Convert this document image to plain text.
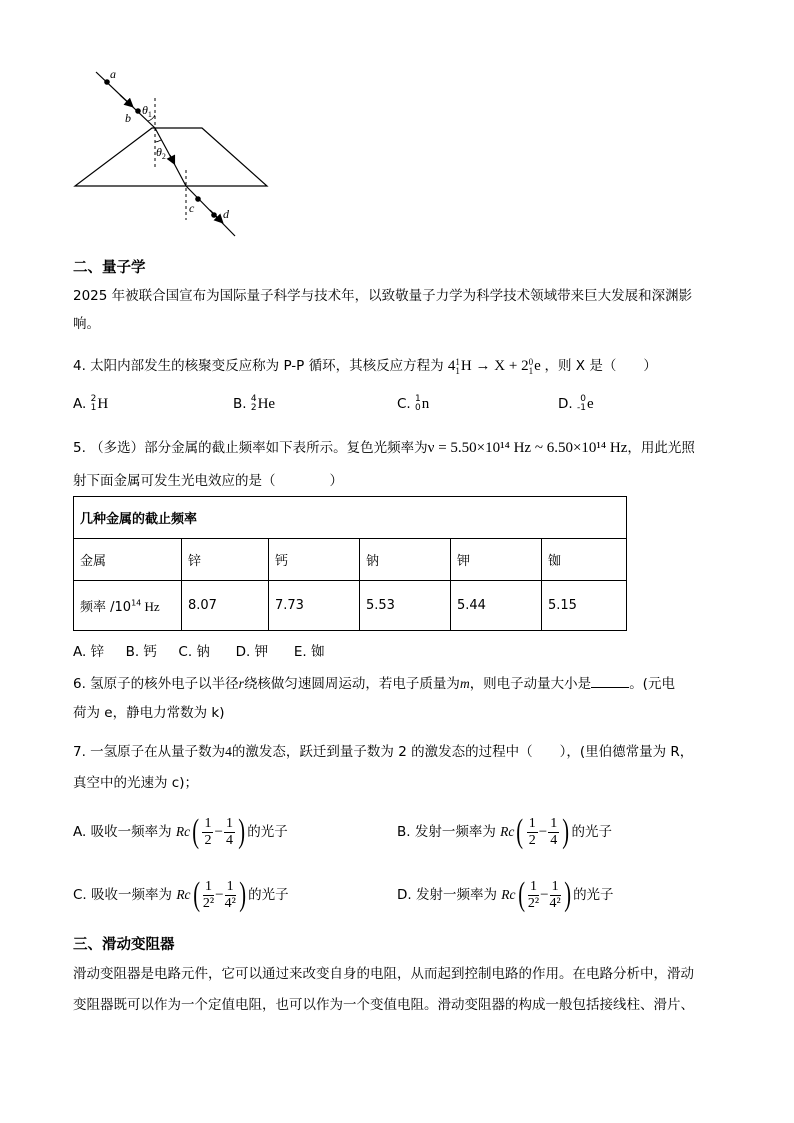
a
b
$\theta_1$
$\theta_2$
c d
二、量子学
2025 年被联合国宣布为国际量子科学与技术年，以致敬量子力学为科学技术领域带来巨大发展和深渊影
响。
4. 太阳内部发生的核聚变反应称为 P-P 循环，其核反应方程为 4 1
1 H → X + 2 0
1 e ，则 X 是（　　）
A. 2
1 H	B. 4
2 He	C. 1
0 n	D. 0
-1 e
5. （多选）部分金属的截止频率如下表所示。复色光频率为ν = 5.50×10¹⁴ Hz ~ 6.50×10¹⁴ Hz，用此光照
射下面金属可发生光电效应的是（　　　　）
几种金属的截止频率					
金属	锌	钙	钠	钾	铷
频率 $/10^{14}$ Hz	8.07	7.73	5.53	5.44	5.15
A. 锌 B. 钙 C. 钠 D. 钾 E. 铷
6. 氢原子的核外电子以半径r绕核做匀速圆周运动，若电子质量为m，则电子动量大小是	。(元电
荷为 e，静电力常数为 k)
7. 一氢原子在从量子数为4的激发态，跃迁到量子数为 2 的激发态的过程中（　　），(里伯德常量为 R，
真空中的光速为 c)；
A. 吸收一频率为 $Rc( \frac{1}{2} - \frac{1}{4}$ ) 的光子	B. 发射一频率为 $Rc( \frac{1}{2} - \frac{1}{4}$ ) 的光子
C. 吸收一频率为 $Rc( \frac{1}{\text{2²}} - \frac{1}{\text{4²}}$ ) 的光子	D. 发射一频率为 $Rc( \frac{1}{\text{2²}} - \frac{1}{\text{4²}}$ ) 的光子
三、滑动变阻器
滑动变阻器是电路元件，它可以通过来改变自身的电阻，从而起到控制电路的作用。在电路分析中，滑动
变阻器既可以作为一个定值电阻，也可以作为一个变值电阻。滑动变阻器的构成一般包括接线柱、滑片、
